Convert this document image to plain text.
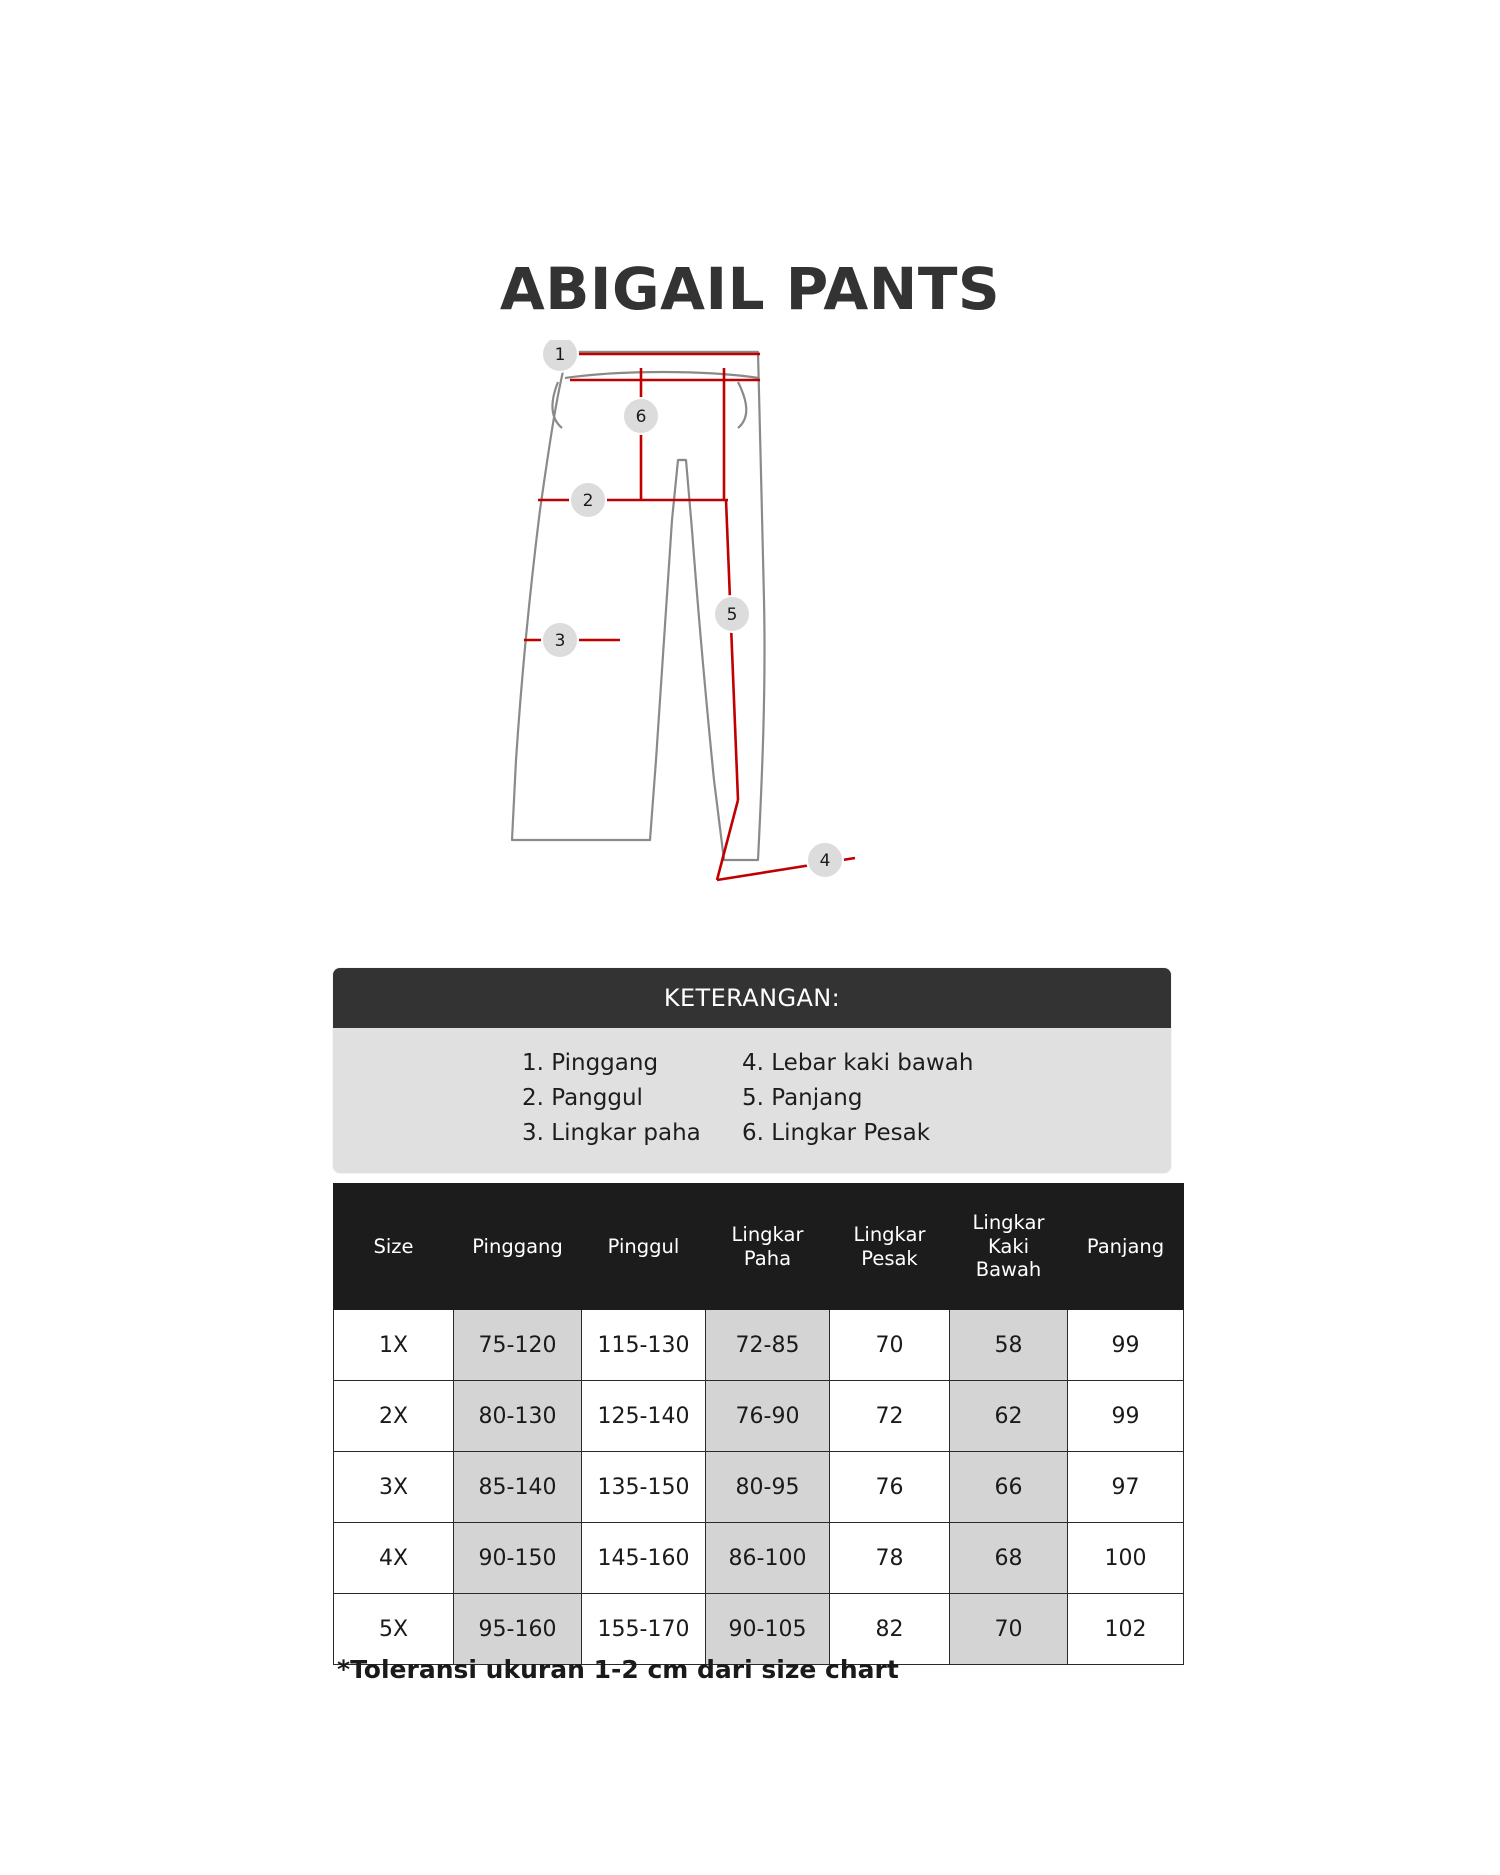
ABIGAIL PANTS
1
6
2
3
5
4
KETERANGAN:
1. Pinggang
2. Panggul
3. Lingkar paha
4. Lebar kaki bawah
5. Panjang
6. Lingkar Pesak
Size	Pinggang	Pinggul	Lingkar Paha	Lingkar Pesak	Lingkar Kaki Bawah	Panjang
1X	75-120	115-130	72-85	70	58	99
2X	80-130	125-140	76-90	72	62	99
3X	85-140	135-150	80-95	76	66	97
4X	90-150	145-160	86-100	78	68	100
5X	95-160	155-170	90-105	82	70	102
*Toleransi ukuran 1-2 cm dari size chart
